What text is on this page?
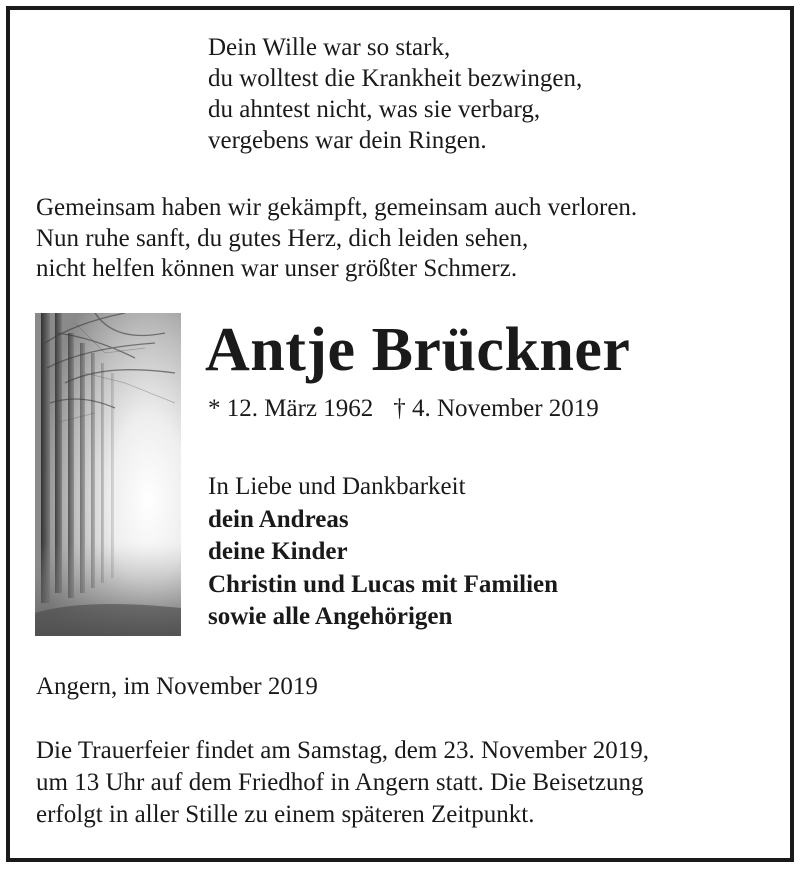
Dein Wille war so stark,
du wolltest die Krankheit bezwingen,
du ahntest nicht, was sie verbarg,
vergebens war dein Ringen.
Gemeinsam haben wir gekämpft, gemeinsam auch verloren.
Nun ruhe sanft, du gutes Herz, dich leiden sehen,
nicht helfen können war unser größter Schmerz.
Antje Brückner
* 12. März 1962 † 4. November 2019
In Liebe und Dankbarkeit
dein Andreas
deine Kinder
Christin und Lucas mit Familien
sowie alle Angehörigen
Angern, im November 2019
Die Trauerfeier findet am Samstag, dem 23. November 2019,
um 13 Uhr auf dem Friedhof in Angern statt. Die Beisetzung
erfolgt in aller Stille zu einem späteren Zeitpunkt.
